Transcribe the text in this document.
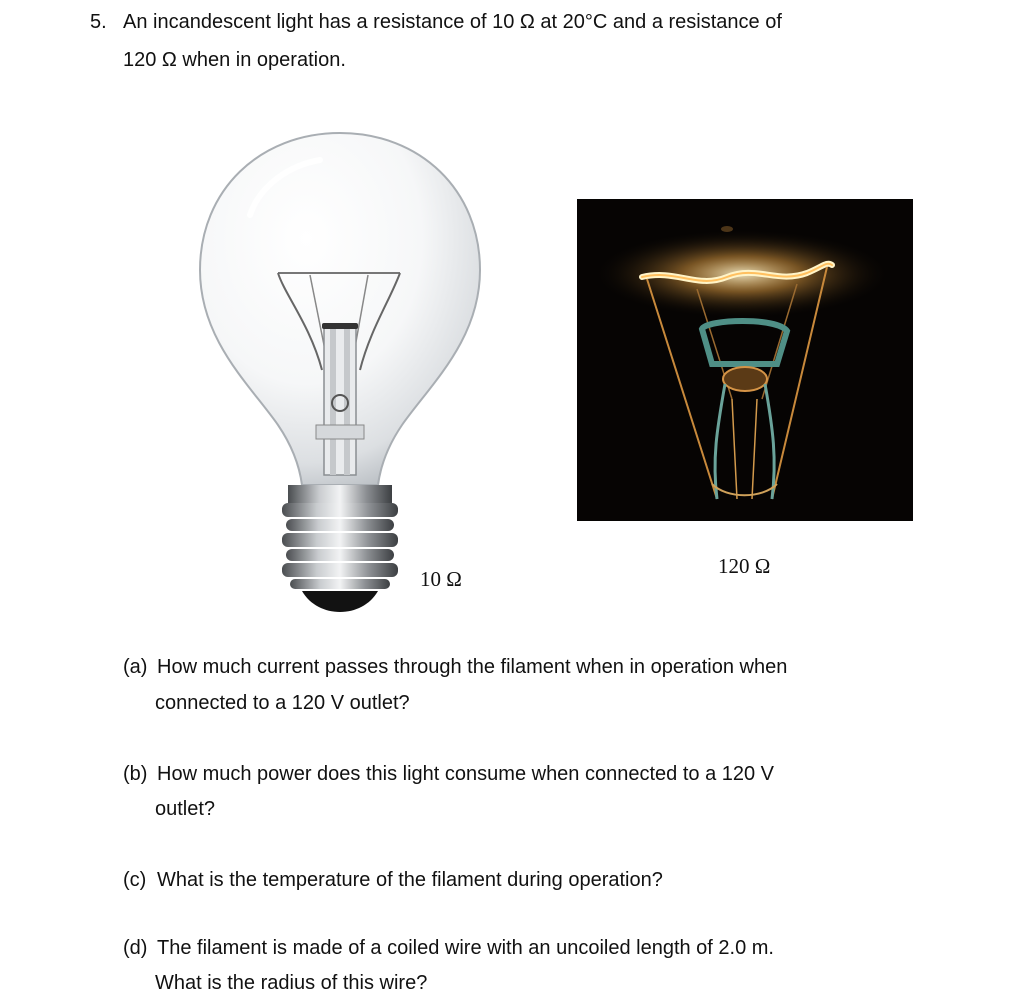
5. An incandescent light has a resistance of 10 Ω at 20°C and a resistance of
120 Ω when in operation.
10 Ω
120 Ω
(a) How much current passes through the filament when in operation when
connected to a 120 V outlet?
(b) How much power does this light consume when connected to a 120 V
outlet?
(c) What is the temperature of the filament during operation?
(d) The filament is made of a coiled wire with an uncoiled length of 2.0 m.
What is the radius of this wire?
